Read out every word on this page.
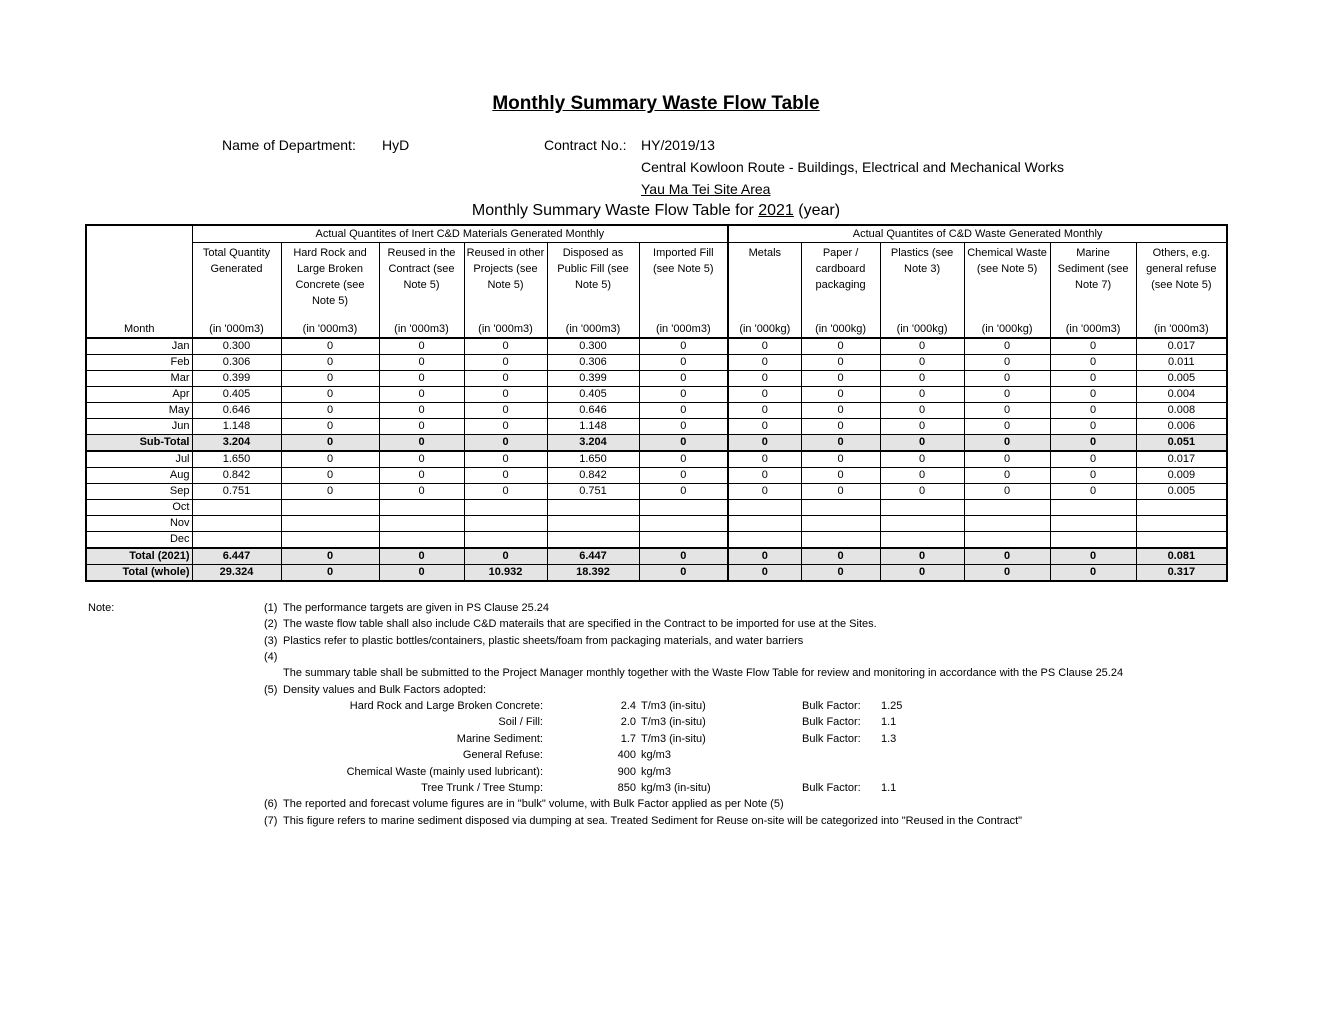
Monthly Summary Waste Flow Table
Name of Department: HyD	Contract No.: HY/2019/13
Central Kowloon Route - Buildings, Electrical and Mechanical Works
Yau Ma Tei Site Area
Monthly Summary Waste Flow Table for 2021 (year)
Month	Actual Quantites of Inert C&D Materials Generated Monthly						Actual Quantites of C&D Waste Generated Monthly					
	Total Quantity Generated	Hard Rock and Large Broken Concrete (see Note 5)	Reused in the Contract (see Note 5)	Reused in other Projects (see Note 5)	Disposed as Public Fill (see Note 5)	Imported Fill (see Note 5)	Metals	Paper / cardboard packaging	Plastics (see Note 3)	Chemical Waste (see Note 5)	Marine Sediment (see Note 7)	Others, e.g. general refuse (see Note 5)
	(in '000m3)	(in '000m3)	(in '000m3)	(in '000m3)	(in '000m3)	(in '000m3)	(in '000kg)	(in '000kg)	(in '000kg)	(in '000kg)	(in '000m3)	(in '000m3)
Jan	0.300	0	0	0	0.300	0	0	0	0	0	0	0.017
Feb	0.306	0	0	0	0.306	0	0	0	0	0	0	0.011
Mar	0.399	0	0	0	0.399	0	0	0	0	0	0	0.005
Apr	0.405	0	0	0	0.405	0	0	0	0	0	0	0.004
May	0.646	0	0	0	0.646	0	0	0	0	0	0	0.008
Jun	1.148	0	0	0	1.148	0	0	0	0	0	0	0.006
Sub-Total	3.204	0	0	0	3.204	0	0	0	0	0	0	0.051
Jul	1.650	0	0	0	1.650	0	0	0	0	0	0	0.017
Aug	0.842	0	0	0	0.842	0	0	0	0	0	0	0.009
Sep	0.751	0	0	0	0.751	0	0	0	0	0	0	0.005
Oct												
Nov												
Dec												
Total (2021)	6.447	0	0	0	6.447	0	0	0	0	0	0	0.081
Total (whole)	29.324	0	0	10.932	18.392	0	0	0	0	0	0	0.317
Note:	(1) The performance targets are given in PS Clause 25.24
(2) The waste flow table shall also include C&D materails that are specified in the Contract to be imported for use at the Sites.
(3) Plastics refer to plastic bottles/containers, plastic sheets/foam from packaging materials, and water barriers
(4)
The summary table shall be submitted to the Project Manager monthly together with the Waste Flow Table for review and monitoring in accordance with the PS Clause 25.24
(5) Density values and Bulk Factors adopted:
Hard Rock and Large Broken Concrete:	2.4 T/m3 (in-situ)	Bulk Factor: 1.25
Soil / Fill:	2.0 T/m3 (in-situ)	Bulk Factor: 1.1
Marine Sediment:	1.7 T/m3 (in-situ)	Bulk Factor: 1.3
General Refuse:	400 kg/m3
Chemical Waste (mainly used lubricant):	900 kg/m3
Tree Trunk / Tree Stump:	850 kg/m3 (in-situ)	Bulk Factor: 1.1
(6) The reported and forecast volume figures are in "bulk" volume, with Bulk Factor applied as per Note (5)
(7) This figure refers to marine sediment disposed via dumping at sea. Treated Sediment for Reuse on-site will be categorized into "Reused in the Contract"
